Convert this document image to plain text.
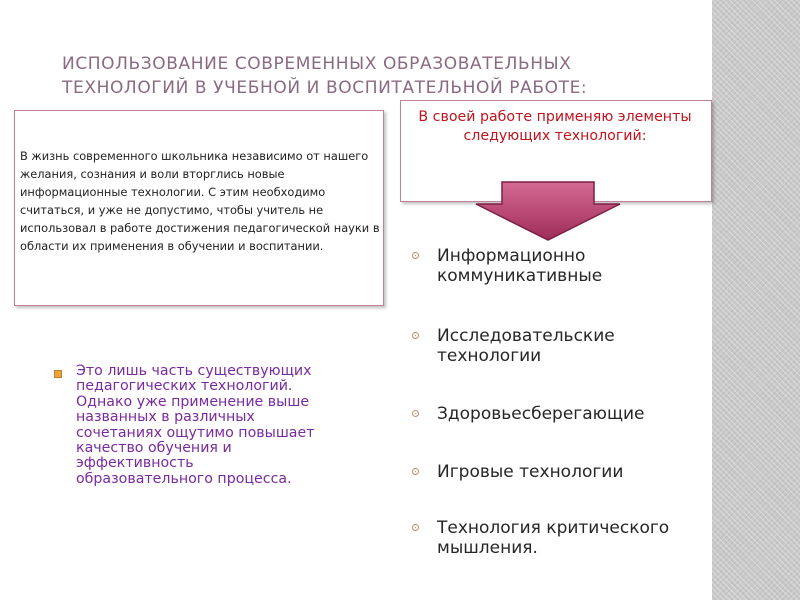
ИСПОЛЬЗОВАНИЕ СОВРЕМЕННЫХ ОБРАЗОВАТЕЛЬНЫХ
ТЕХНОЛОГИЙ В УЧЕБНОЙ И ВОСПИТАТЕЛЬНОЙ РАБОТЕ:
В жизнь современного школьника независимо от нашего желания, сознания и воли вторглись новые информационные технологии. С этим необходимо считаться, и уже не допустимо, чтобы учитель не использовал в работе достижения педагогической науки в области их применения в обучении и воспитании.
В своей работе применяю элементы следующих технологий:
Информационно
коммуникативные
Исследовательские
технологии
Здоровьесберегающие
Игровые технологии
Технология критического
мышления.
Это лишь часть существующих педагогических технологий. Однако уже применение выше названных в различных сочетаниях ощутимо повышает качество обучения и эффективность образовательного процесса.
